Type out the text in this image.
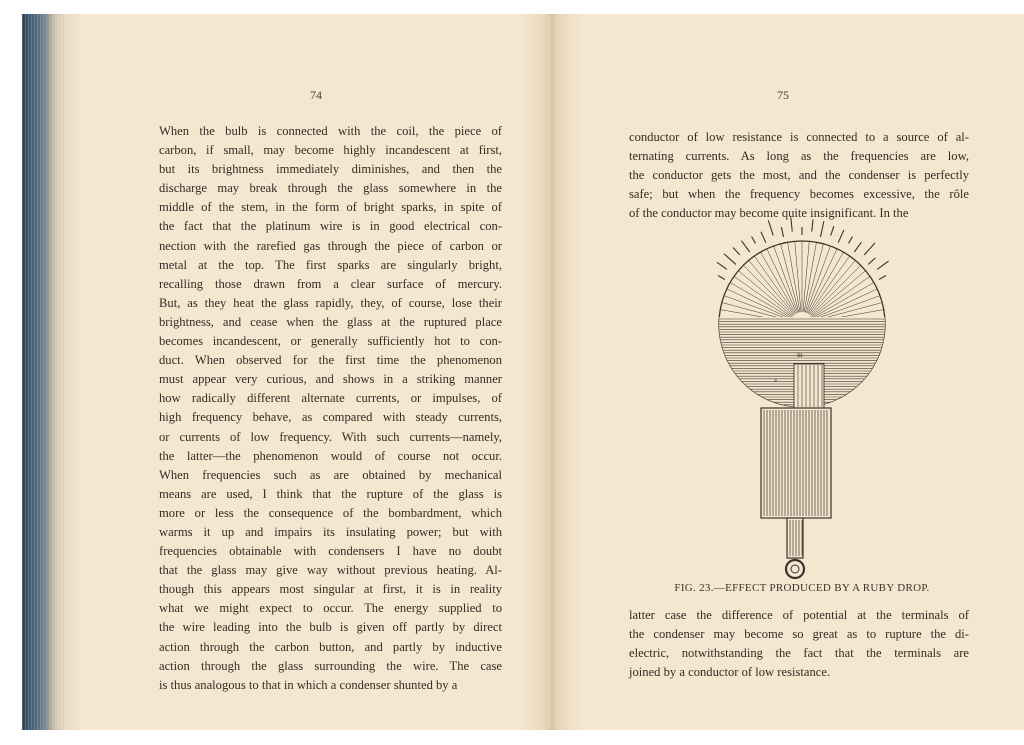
74
When the bulb is connected with the coil, the piece of
carbon, if small, may become highly incandescent at first,
but its brightness immediately diminishes, and then the
discharge may break through the glass somewhere in the
middle of the stem, in the form of bright sparks, in spite of
the fact that the platinum wire is in good electrical con-
nection with the rarefied gas through the piece of carbon or
metal at the top. The first sparks are singularly bright,
recalling those drawn from a clear surface of mercury.
But, as they heat the glass rapidly, they, of course, lose their
brightness, and cease when the glass at the ruptured place
becomes incandescent, or generally sufficiently hot to con-
duct. When observed for the first time the phenomenon
must appear very curious, and shows in a striking manner
how radically different alternate currents, or impulses, of
high frequency behave, as compared with steady currents,
or currents of low frequency. With such currents—namely,
the latter—the phenomenon would of course not occur.
When frequencies such as are obtained by mechanical
means are used, I think that the rupture of the glass is
more or less the consequence of the bombardment, which
warms it up and impairs its insulating power; but with
frequencies obtainable with condensers I have no doubt
that the glass may give way without previous heating. Al-
though this appears most singular at first, it is in reality
what we might expect to occur. The energy supplied to
the wire leading into the bulb is given off partly by direct
action through the carbon button, and partly by inductive
action through the glass surrounding the wire. The case
is thus analogous to that in which a condenser shunted by a
75
conductor of low resistance is connected to a source of al-
ternating currents. As long as the frequencies are low,
the conductor gets the most, and the condenser is perfectly
safe; but when the frequency becomes excessive, the rôle
of the conductor may become quite insignificant. In the
m
s
FIG. 23.—EFFECT PRODUCED BY A RUBY DROP.
latter case the difference of potential at the terminals of
the condenser may become so great as to rupture the di-
electric, notwithstanding the fact that the terminals are
joined by a conductor of low resistance.
